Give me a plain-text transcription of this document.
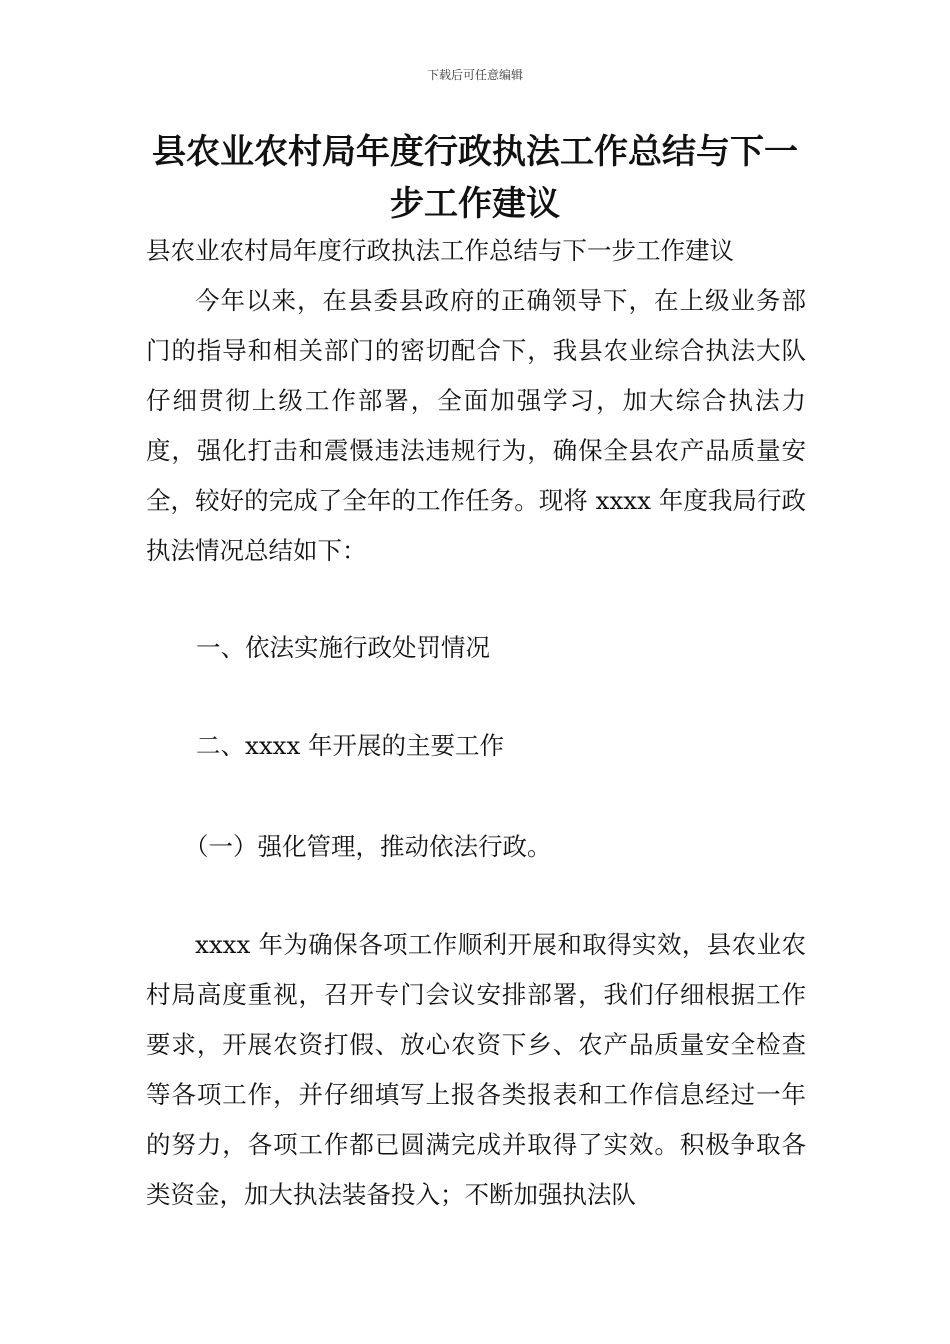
下载后可任意编辑
县农业农村局年度行政执法工作总结与下一步工作建议

县农业农村局年度行政执法工作总结与下一步工作建议

今年以来，在县委县政府的正确领导下，在上级业务部门的指导和相关部门的密切配合下，我县农业综合执法大队仔细贯彻上级工作部署，全面加强学习，加大综合执法力度，强化打击和震慑违法违规行为，确保全县农产品质量安全，较好的完成了全年的工作任务。现将 xxxx 年度我局行政执法情况总结如下：

一、依法实施行政处罚情况

二、xxxx 年开展的主要工作

（一）强化管理，推动依法行政。

xxxx 年为确保各项工作顺利开展和取得实效，县农业农村局高度重视，召开专门会议安排部署，我们仔细根据工作要求，开展农资打假、放心农资下乡、农产品质量安全检查等各项工作，并仔细填写上报各类报表和工作信息经过一年的努力，各项工作都已圆满完成并取得了实效。积极争取各类资金，加大执法装备投入；不断加强执法队
